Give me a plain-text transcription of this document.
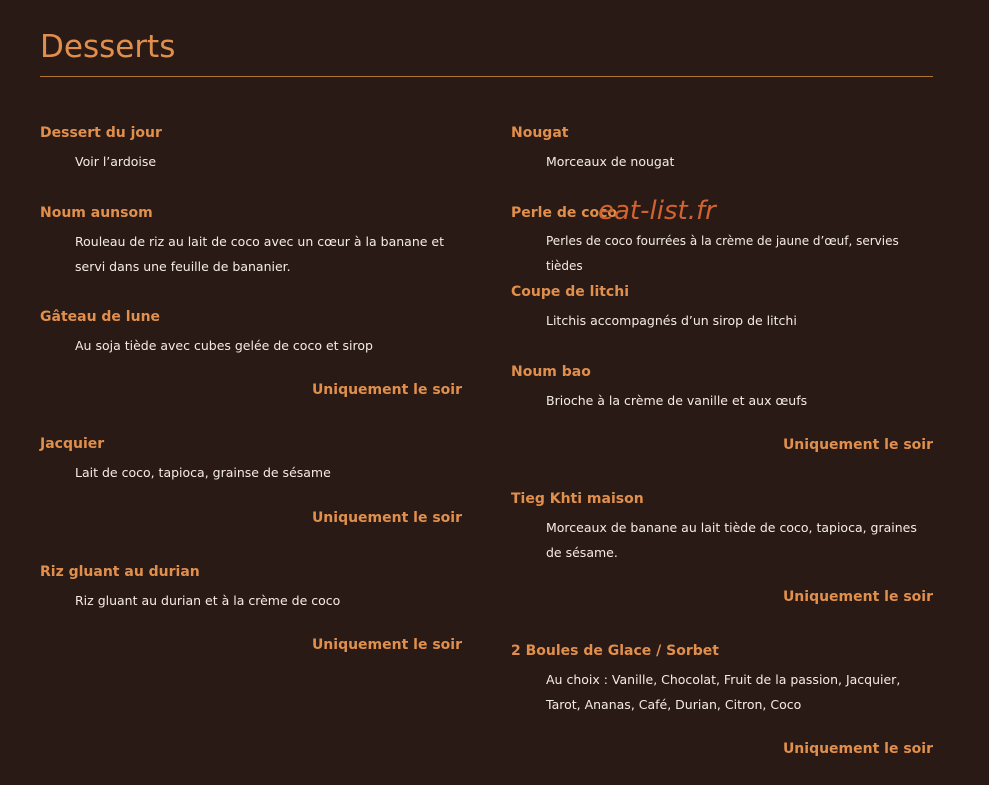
Desserts

Dessert du jour

Voir l’ardoise

Noum aunsom

Rouleau de riz au lait de coco avec un cœur à la banane et servi dans une feuille de bananier.

Gâteau de lune

Au soja tiède avec cubes gelée de coco et sirop

Uniquement le soir

Jacquier

Lait de coco, tapioca, grainse de sésame

Uniquement le soir

Riz gluant au durian

Riz gluant au durian et à la crème de coco

Uniquement le soir

Nougat

Morceaux de nougat

Perle de coco

Perles de coco fourrées à la crème de jaune d’œuf, servies tièdes

Coupe de litchi

Litchis accompagnés d’un sirop de litchi

Noum bao

Brioche à la crème de vanille et aux œufs

Uniquement le soir

Tieg Khti maison

Morceaux de banane au lait tiède de coco, tapioca, graines de sésame.

Uniquement le soir

2 Boules de Glace / Sorbet

Au choix : Vanille, Chocolat, Fruit de la passion, Jacquier, Tarot, Ananas, Café, Durian, Citron, Coco

Uniquement le soir

eat-list.fr
